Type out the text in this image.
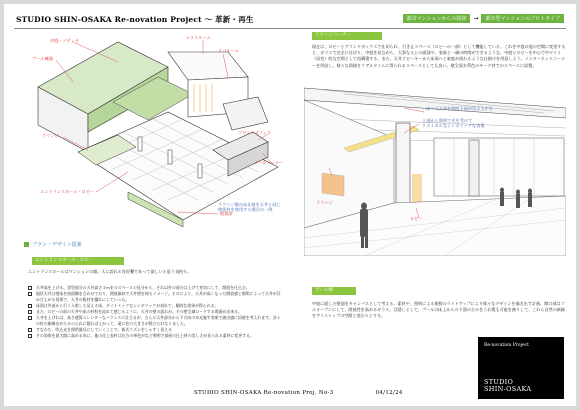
STUDIO SHIN-OSAKA Re-novation Project 〜 革新・再生	都市マンションからの脱却 → 都市型マンションのプロトタイプ
中庭・パティオ
プール棟通
レストルーム
スパルーム
ラウンジ
エントランスホール・ロビー
フロントオフィス
メールコーナー
植栽帯
ラウンジコーナー
現在は、ロビーとブランドボックスで仕切られ、行き止スペース（ロビーの一部）として機能している。これを中庭の他の空間に変更すると、ガラスで完全に仕切り、中庭を見ながら、大事な人との面談や、家族と一緒の時間ができるような、中庭とロビーを中心で中ワイミ（居室）的な空間として再構築する。また、天井ズビーキーから床面へと東庭が流れるような仕掛けを用意しよう。インターネットコーナーを併設し、様々な情報をリアルタイムに得られるスペースとしても良い。壁全面水系色のチーク材でのスペースに設置。
床リズ天井を照明下部が浮ぶ上がる
上部から照明で光を受けて
リズミカルなシンボリックな表情
ラウンジ
ロビー
ラウンジ側の床仕様を天井と同じ
壁面材を使用する場合の一例
プラン・デザイン提案
エントランスホール・ロビー
エントランスホールはマンションの顔。人に誇れる良好繋であって欲しいと思う気持ち。
天井高を上げる。蛍型部分の天井高さ３mをのスペースの見分から、それ以外の部分は上げて充実にして、開放を仕込む。
現状天井は壁床を皿面構を合わせており、開放傾向で天井照を保ちイメージ。そのにより、天井が高くなった開放感と照明によって天井が浮かび上がる効果で、天井の板材を優れにしていった。
床面は外部から行う入射した見える床、ダイナミックなシンボリックが表れて、劇的な効果が得られる。
また、ロビーの前の天井や床の材料を流れて感じるように、天井の壁の流れが、その壁全域ロードする場面が出来る。
天井を上げれば、高さ感算スレンダーなバランスに仕立るが、さらに天井部分から下方向の木光施す効果で演出感に回遊を考えれます。各々の柱の新陳出がたるのえれに限れば上がって、遠に柱の大きさが際立たれなりました。
すなわち、吹込光を照明器具にしていくことで、新式リズムをしゃすく見える
その効果を最大限に高める為に、他の仕上表材は仕方の単色がなど照明で部屋の仕上材の美しさが見られる素材に変更する。
プール棟
中庭に面した壁面をキャンバスとして考える。素材や、照明による新鮮のライトアップにより様々なデザインを描き出す計画。開口部はフルオープンにして、開放性を高めるガラス。目隠しとして、プールの床上からの下面の主みをうお寛も可能を務りして、これら自然の新緑をアイストップの空間と変わりとする。
STUDIO SHIN-OSAKA Re-novation Proj. No-3	04/12/24
Re-novation Project
STUDIO
SHIN-OSAKA
